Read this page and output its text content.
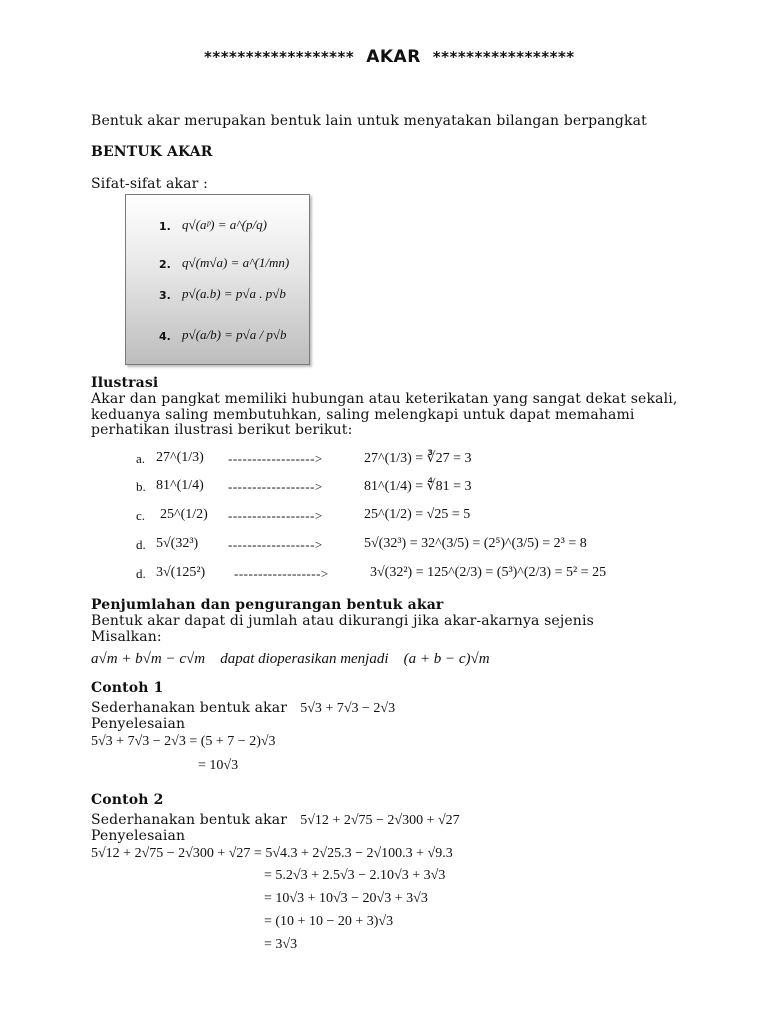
****************** AKAR *****************
Bentuk akar merupakan bentuk lain untuk menyatakan bilangan berpangkat
BENTUK AKAR
Sifat-sifat akar :
1. q√(aᵖ) = a^(p/q)
2. q√(m√a) = a^(1/mn)
3. p√(a.b) = p√a . p√b
4. p√(a/b) = p√a / p√b
Ilustrasi
Akar dan pangkat memiliki hubungan atau keterikatan yang sangat dekat sekali,
keduanya saling membutuhkan, saling melengkapi untuk dapat memahami
perhatikan ilustrasi berikut berikut:
a. 27^(1/3) ------------------>	27^(1/3) = ∛27 = 3
b. 81^(1/4) ------------------>	81^(1/4) = ∜81 = 3
c. 25^(1/2) ------------------>	25^(1/2) = √25 = 5
d. 5√(32³) ------------------>	5√(32³) = 32^(3/5) = (2⁵)^(3/5) = 2³ = 8
d. 3√(125²) ------------------>	3√(32²) = 125^(2/3) = (5³)^(2/3) = 5² = 25
Penjumlahan dan pengurangan bentuk akar
Bentuk akar dapat di jumlah atau dikurangi jika akar-akarnya sejenis
Misalkan:
a√m + b√m − c√m dapat dioperasikan menjadi (a + b − c)√m
Contoh 1
Sederhanakan bentuk akar 5√3 + 7√3 − 2√3
Penyelesaian
5√3 + 7√3 − 2√3 = (5 + 7 − 2)√3
= 10√3
Contoh 2
Sederhanakan bentuk akar 5√12 + 2√75 − 2√300 + √27
Penyelesaian
5√12 + 2√75 − 2√300 + √27 = 5√4.3 + 2√25.3 − 2√100.3 + √9.3
= 5.2√3 + 2.5√3 − 2.10√3 + 3√3
= 10√3 + 10√3 − 20√3 + 3√3
= (10 + 10 − 20 + 3)√3
= 3√3
